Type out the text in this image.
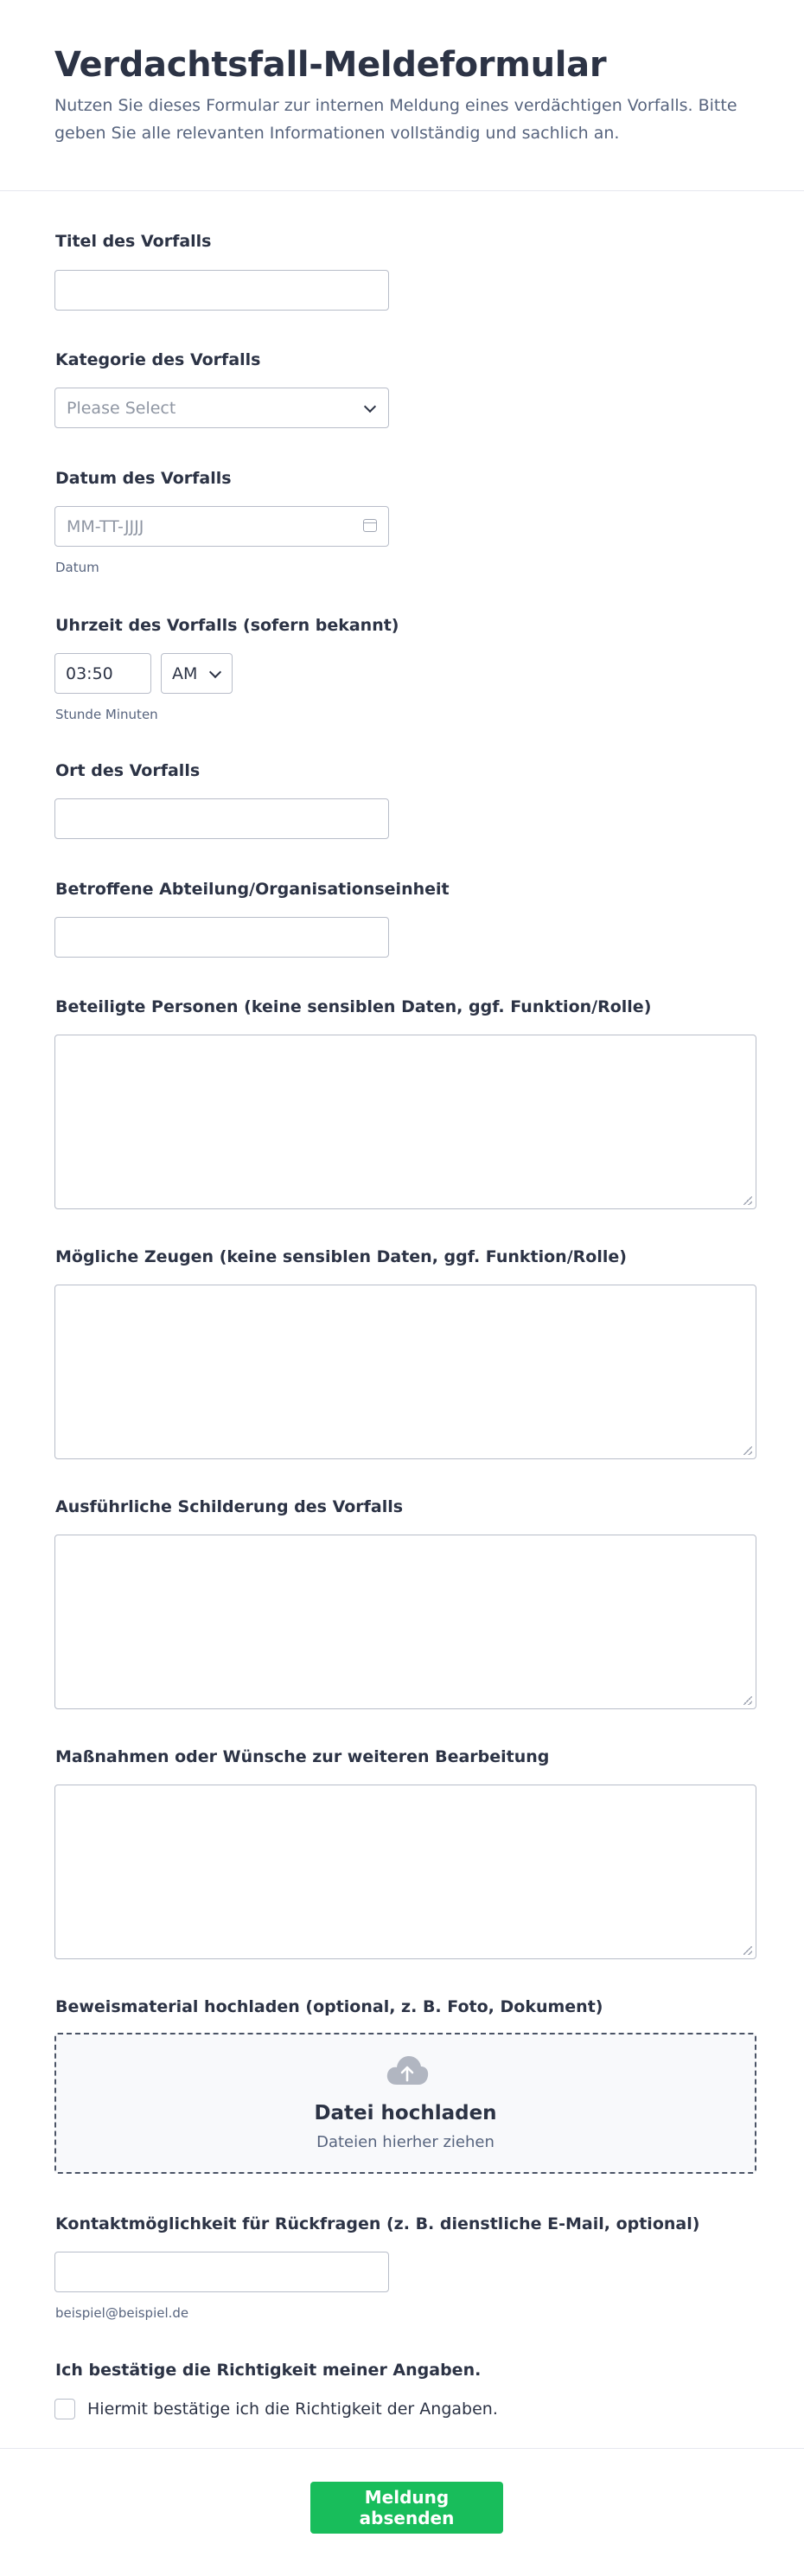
Verdachtsfall-Meldeformular
Nutzen Sie dieses Formular zur internen Meldung eines verdächtigen Vorfalls. Bitte geben Sie alle relevanten Informationen vollständig und sachlich an.
Titel des Vorfalls
Kategorie des Vorfalls
Please Select
Datum des Vorfalls
MM-TT-JJJJ
Datum
Uhrzeit des Vorfalls (sofern bekannt)
03:50	AM
Stunde Minuten
Ort des Vorfalls
Betroffene Abteilung/Organisationseinheit
Beteiligte Personen (keine sensiblen Daten, ggf. Funktion/Rolle)
Mögliche Zeugen (keine sensiblen Daten, ggf. Funktion/Rolle)
Ausführliche Schilderung des Vorfalls
Maßnahmen oder Wünsche zur weiteren Bearbeitung
Beweismaterial hochladen (optional, z. B. Foto, Dokument)
Datei hochladen
Dateien hierher ziehen
Kontaktmöglichkeit für Rückfragen (z. B. dienstliche E-Mail, optional)
beispiel@beispiel.de
Ich bestätige die Richtigkeit meiner Angaben.
Hiermit bestätige ich die Richtigkeit der Angaben.
Meldung absenden
